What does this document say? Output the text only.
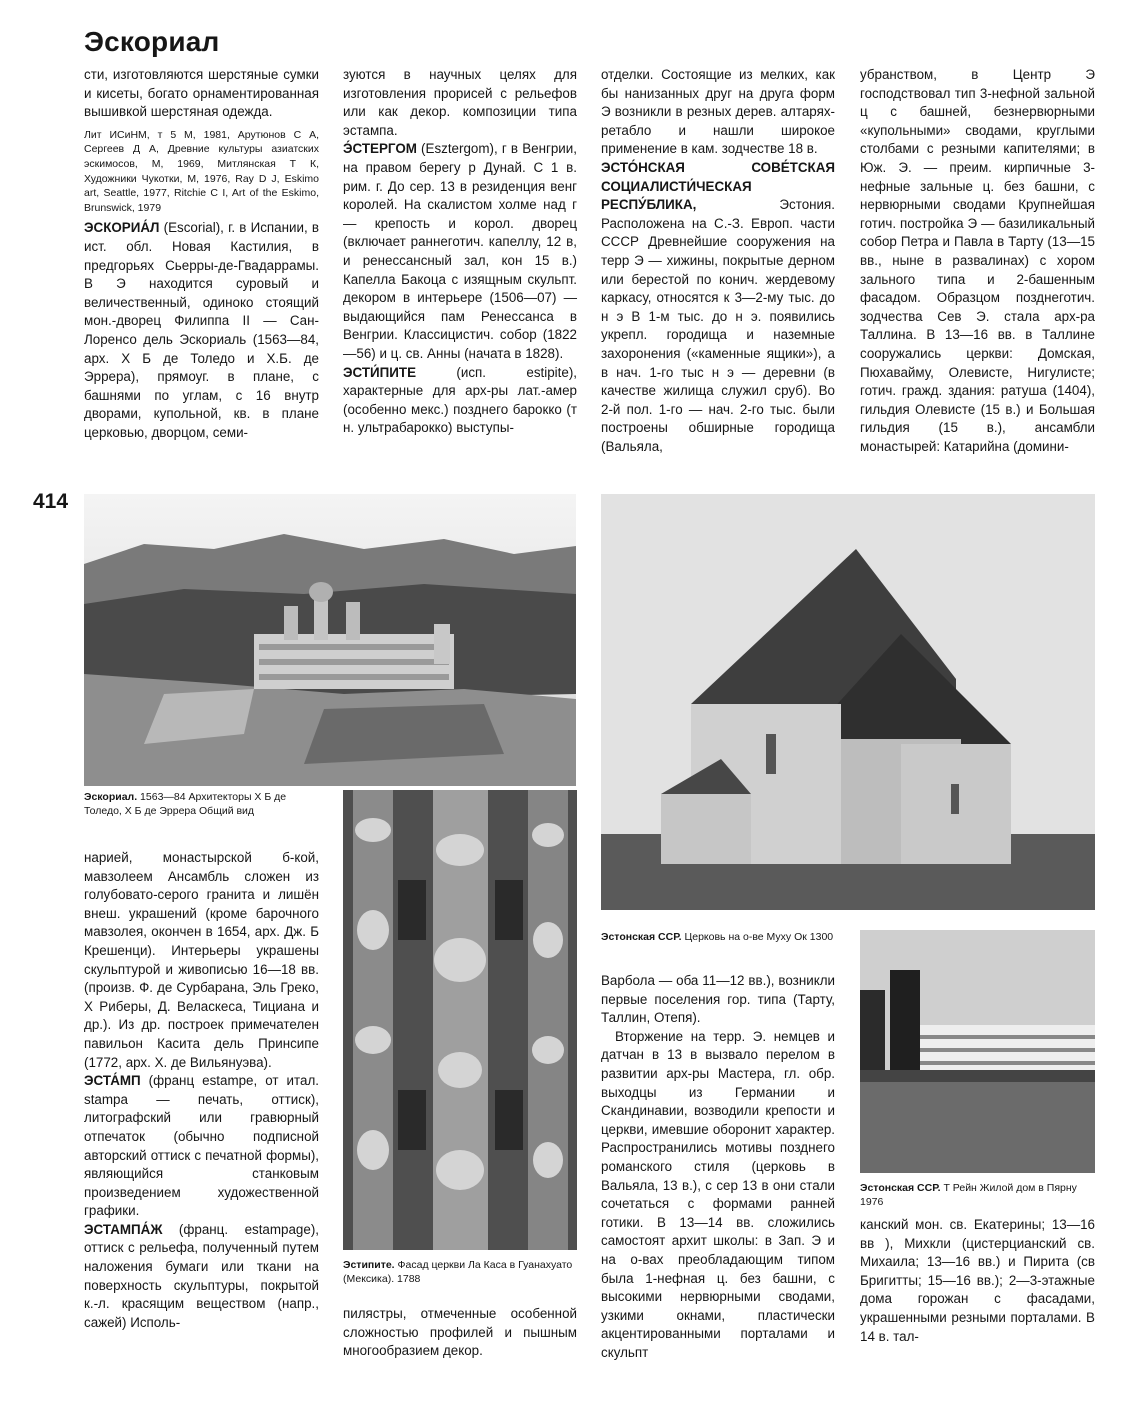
Эскориал
414

сти, изготовляются шерстяные сумки и кисеты, богато орнаментированная вышивкой шерстяная одежда.

Лит ИСиНМ, т 5 М, 1981, Арутюнов С А, Сергеев Д А, Древние культуры азиатских эскимосов, М, 1969, Митлянская Т К, Художники Чукотки, М, 1976, Ray D J, Eskimo art, Seattle, 1977, Ritchie C I, Art of the Eskimo, Brunswick, 1979

ЭСКОРИА́Л (Escorial), г. в Испании, в ист. обл. Новая Кастилия, в предгорьях Сьерры-де-Гвадаррамы. В Э находится суровый и величественный, одиноко стоящий мон.-дворец Филиппа II — Сан-Лоренсо дель Эскориаль (1563—84, арх. Х Б де Толедо и Х.Б. де Эррера), прямоуг. в плане, с башнями по углам, с 16 внутр дворами, купольной, кв. в плане церковью, дворцом, семи-

зуются в научных целях для изготовления прорисей с рельефов или как декор. композиции типа эстампа.

Э́СТЕРГОМ (Esztergom), г в Венгрии, на правом берегу р Дунай. С 1 в. рим. г. До сер. 13 в резиденция венг королей. На скалистом холме над г — крепость и корол. дворец (включает раннеготич. капеллу, 12 в, и ренессансный зал, кон 15 в.) Капелла Бакоца с изящным скульпт. декором в интерьере (1506—07) — выдающийся пам Ренессанса в Венгрии. Классицистич. собор (1822—56) и ц. св. Анны (начата в 1828).

ЭСТИ́ПИТЕ (исп. estipite), характерные для арх-ры лат.-амер (особенно мекс.) позднего барокко (т н. ультрабарокко) выступы-

отделки. Состоящие из мелких, как бы нанизанных друг на друга форм Э возникли в резных дерев. алтарях-ретабло и нашли широкое применение в кам. зодчестве 18 в.

ЭСТО́НСКАЯ СОВЕ́ТСКАЯ СОЦИАЛИСТИ́ЧЕСКАЯ РЕСПУ́БЛИКА, Эстония. Расположена на С.-З. Европ. части СССР Древнейшие сооружения на терр Э — хижины, покрытые дерном или берестой по конич. жердевому каркасу, относятся к 3—2-му тыс. до н э В 1-м тыс. до н э. появились укрепл. городища и наземные захоронения («каменные ящики»), а в нач. 1-го тыс н э — деревни (в качестве жилища служил сруб). Во 2-й пол. 1-го — нач. 2-го тыс. были построены обширные городища (Вальяла,

убранством, в Центр Э господствовал тип 3-нефной зальной ц с башней, безнервюрными «купольными» сводами, круглыми столбами с резными капителями; в Юж. Э. — преим. кирпичные 3-нефные зальные ц. без башни, с нервюрными сводами Крупнейшая готич. постройка Э — базиликальный собор Петра и Павла в Тарту (13—15 вв., ныне в развалинах) с хором зального типа и 2-башенным фасадом. Образцом позднеготич. зодчества Сев Э. стала арх-ра Таллина. В 13—16 вв. в Таллине сооружались церкви: Домская, Пюхавайму, Олевисте, Нигулисте; готич. гражд. здания: ратуша (1404), гильдия Олевисте (15 в.) и Большая гильдия (15 в.), ансамбли монастырей: Катарийна (домини-

Эскориал. 1563—84 Архитекторы Х Б де Толедо, Х Б де Эррера Общий вид
Эстипите. Фасад церкви Ла Каса в Гуанахуато (Мексика). 1788
Эстонская ССР. Церковь на о-ве Муху Ок 1300
Эстонская ССР. Т Рейн Жилой дом в Пярну 1976

нарией, монастырской б-кой, мавзолеем Ансамбль сложен из голубовато-серого гранита и лишён внеш. украшений (кроме барочного мавзолея, окончен в 1654, арх. Дж. Б Крешенци). Интерьеры украшены скульптурой и живописью 16—18 вв. (произв. Ф. де Сурбарана, Эль Греко, Х Риберы, Д. Веласкеса, Тициана и др.). Из др. построек примечателен павильон Касита дель Принсипе (1772, арх. Х. де Вильянуэва).

ЭСТА́МП (франц estampe, от итал. stampa — печать, оттиск), литографский или гравюрный отпечаток (обычно подписной авторский оттиск с печатной формы), являющийся станковым произведением художественной графики.

ЭСТАМПА́Ж (франц. estampage), оттиск с рельефа, полученный путем наложения бумаги или ткани на поверхность скульптуры, покрытой к.-л. красящим веществом (напр., сажей) Исполь-

пилястры, отмеченные особенной сложностью профилей и пышным многообразием декор.

Варбола — оба 11—12 вв.), возникли первые поселения гор. типа (Тарту, Таллин, Отепя).

Вторжение на терр. Э. немцев и датчан в 13 в вызвало перелом в развитии арх-ры Мастера, гл. обр. выходцы из Германии и Скандинавии, возводили крепости и церкви, имевшие оборонит характер. Распространились мотивы позднего романского стиля (церковь в Вальяла, 13 в.), с сер 13 в они стали сочетаться с формами ранней готики. В 13—14 вв. сложились самостоят архит школы: в Зап. Э и на о-вах преобладающим типом была 1-нефная ц. без башни, с высокими нервюрными сводами, узкими окнами, пластически акцентированными порталами и скульпт

канский мон. св. Екатерины; 13—16 вв ), Михкли (цистерцианский св. Михаила; 13—16 вв.) и Пирита (св Бригитты; 15—16 вв.); 2—3-этажные дома горожан с фасадами, украшенными резными порталами. В 14 в. тал-
